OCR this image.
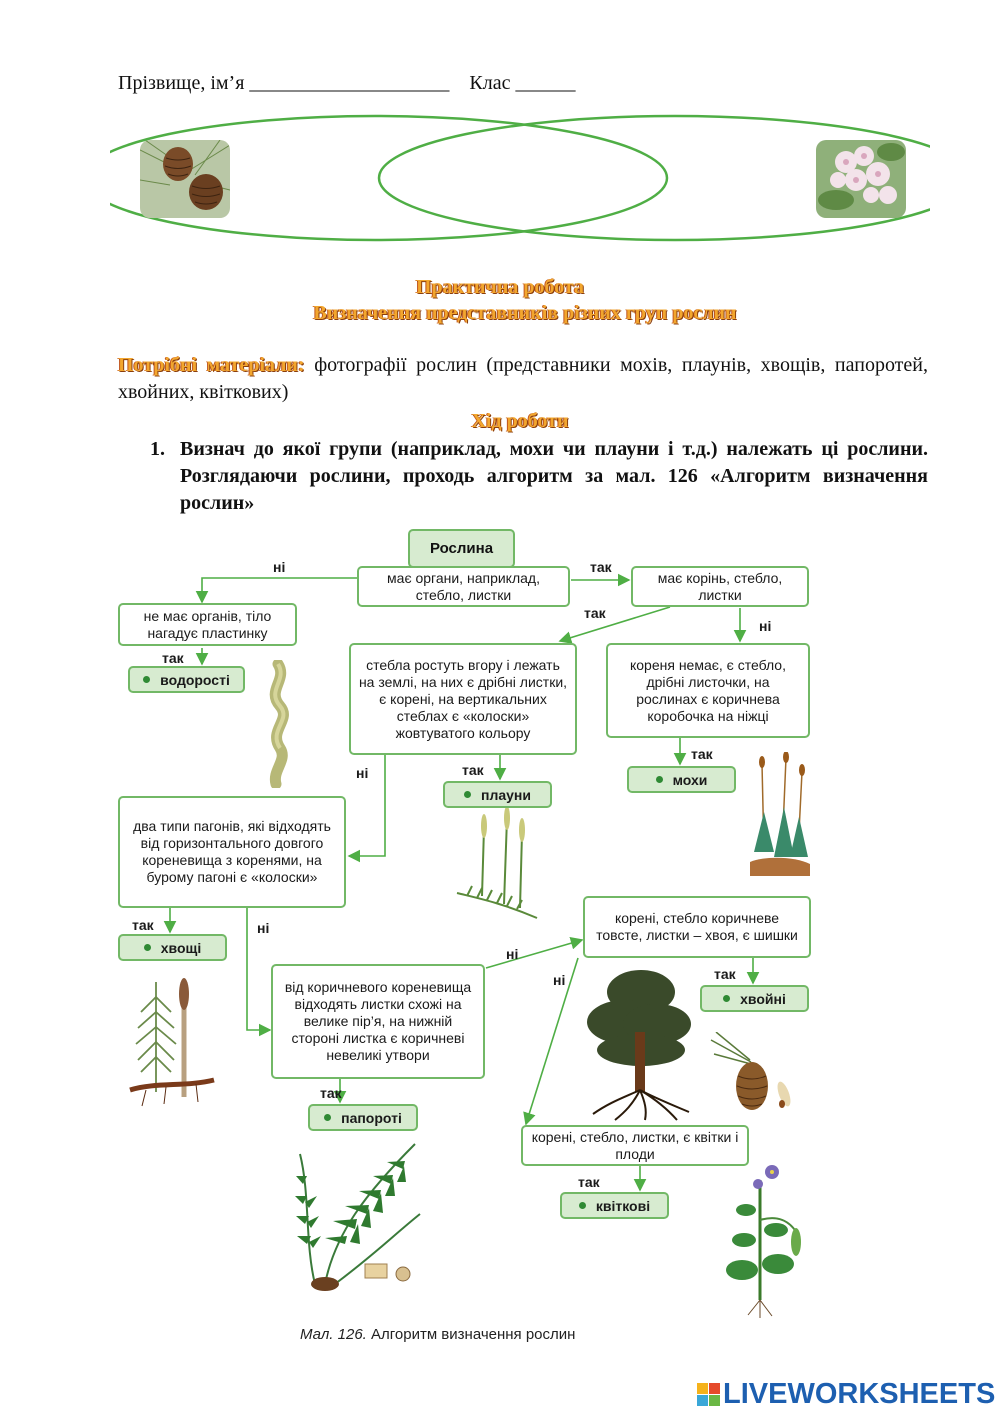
Прізвище, ім’я ____________________ Клас ______
Практична робота
Визначення представників різних груп рослин
Потрібні матеріали: фотографії рослин (представники мохів, плаунів, хвощів, папоротей, хвойних, квіткових)
Хід роботи
1. Визнач до якої групи (наприклад, мохи чи плауни і т.д.) належать ці рослини. Розглядаючи рослини, проходь алгоритм за мал. 126 «Алгоритм визначення рослин»
Рослина
має органи, наприклад, стебло, листки
не має органів, тіло нагадує пластинку
має корінь, стебло, листки
стебла ростуть вгору і лежать на землі, на них є дрібні листки, є корені, на вертикальних стеблах є «колоски» жовтуватого кольору
кореня немає, є стебло, дрібні листочки, на рослинах є коричнева коробочка на ніжці
два типи пагонів, які відходять від горизонтального довгого кореневища з коренями, на бурому пагоні є «колоски»
корені, стебло коричневе товсте, листки – хвоя, є шишки
від коричневого кореневища відходять листки схожі на велике пір’я, на нижній стороні листка є коричневі невеликі утвори
корені, стебло, листки, є квітки і плоди
водорості
плауни
мохи
хвощі
хвойні
папороті
квіткові
ні	так
так
ні
так
так
ні
так
так	ні
ні
ні	так
так
так
Мал. 126. Алгоритм визначення рослин
LIVEWORKSHEETS
